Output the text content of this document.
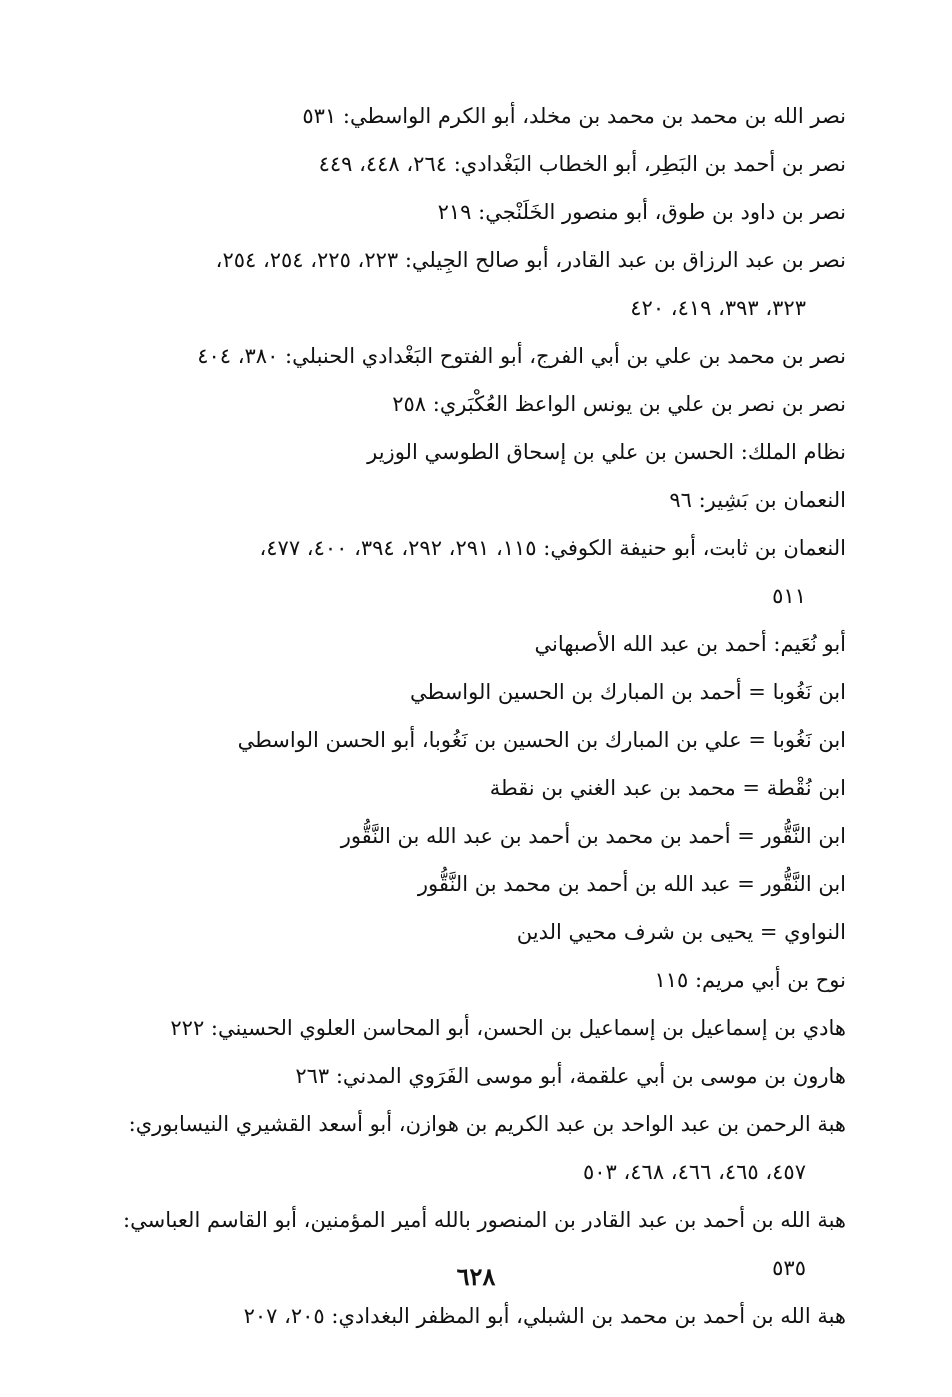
نصر الله بن محمد بن محمد بن مخلد، أبو الكرم الواسطي: ٥٣١
نصر بن أحمد بن البَطِر، أبو الخطاب البَغْدادي: ٢٦٤، ٤٤٨، ٤٤٩
نصر بن داود بن طوق، أبو منصور الخَلَنْجي: ٢١٩
نصر بن عبد الرزاق بن عبد القادر، أبو صالح الجِيلي: ٢٢٣، ٢٢٥، ٢٥٤، ٢٥٤،
٣٢٣، ٣٩٣، ٤١٩، ٤٢٠
نصر بن محمد بن علي بن أبي الفرج، أبو الفتوح البَغْدادي الحنبلي: ٣٨٠، ٤٠٤
نصر بن نصر بن علي بن يونس الواعظ العُكْبَري: ٢٥٨
نظام الملك: الحسن بن علي بن إسحاق الطوسي الوزير
النعمان بن بَشِير: ٩٦
النعمان بن ثابت، أبو حنيفة الكوفي: ١١٥، ٢٩١، ٢٩٢، ٣٩٤، ٤٠٠، ٤٧٧،
٥١١
أبو نُعَيم: أحمد بن عبد الله الأصبهاني
ابن نَغُوبا = أحمد بن المبارك بن الحسين الواسطي
ابن نَغُوبا = علي بن المبارك بن الحسين بن نَغُوبا، أبو الحسن الواسطي
ابن نُقْطة = محمد بن عبد الغني بن نقطة
ابن النَّقُّور = أحمد بن محمد بن أحمد بن عبد الله بن النَّقُّور
ابن النَّقُّور = عبد الله بن أحمد بن محمد بن النَّقُّور
النواوي = يحيى بن شرف محيي الدين
نوح بن أبي مريم: ١١٥
هادي بن إسماعيل بن إسماعيل بن الحسن، أبو المحاسن العلوي الحسيني: ٢٢٢
هارون بن موسى بن أبي علقمة، أبو موسى الفَرَوي المدني: ٢٦٣
هبة الرحمن بن عبد الواحد بن عبد الكريم بن هوازن، أبو أسعد القشيري النيسابوري:
٤٥٧، ٤٦٥، ٤٦٦، ٤٦٨، ٥٠٣
هبة الله بن أحمد بن عبد القادر بن المنصور بالله أمير المؤمنين، أبو القاسم العباسي:
٥٣٥
هبة الله بن أحمد بن محمد بن الشبلي، أبو المظفر البغدادي: ٢٠٥، ٢٠٧
٦٢٨
